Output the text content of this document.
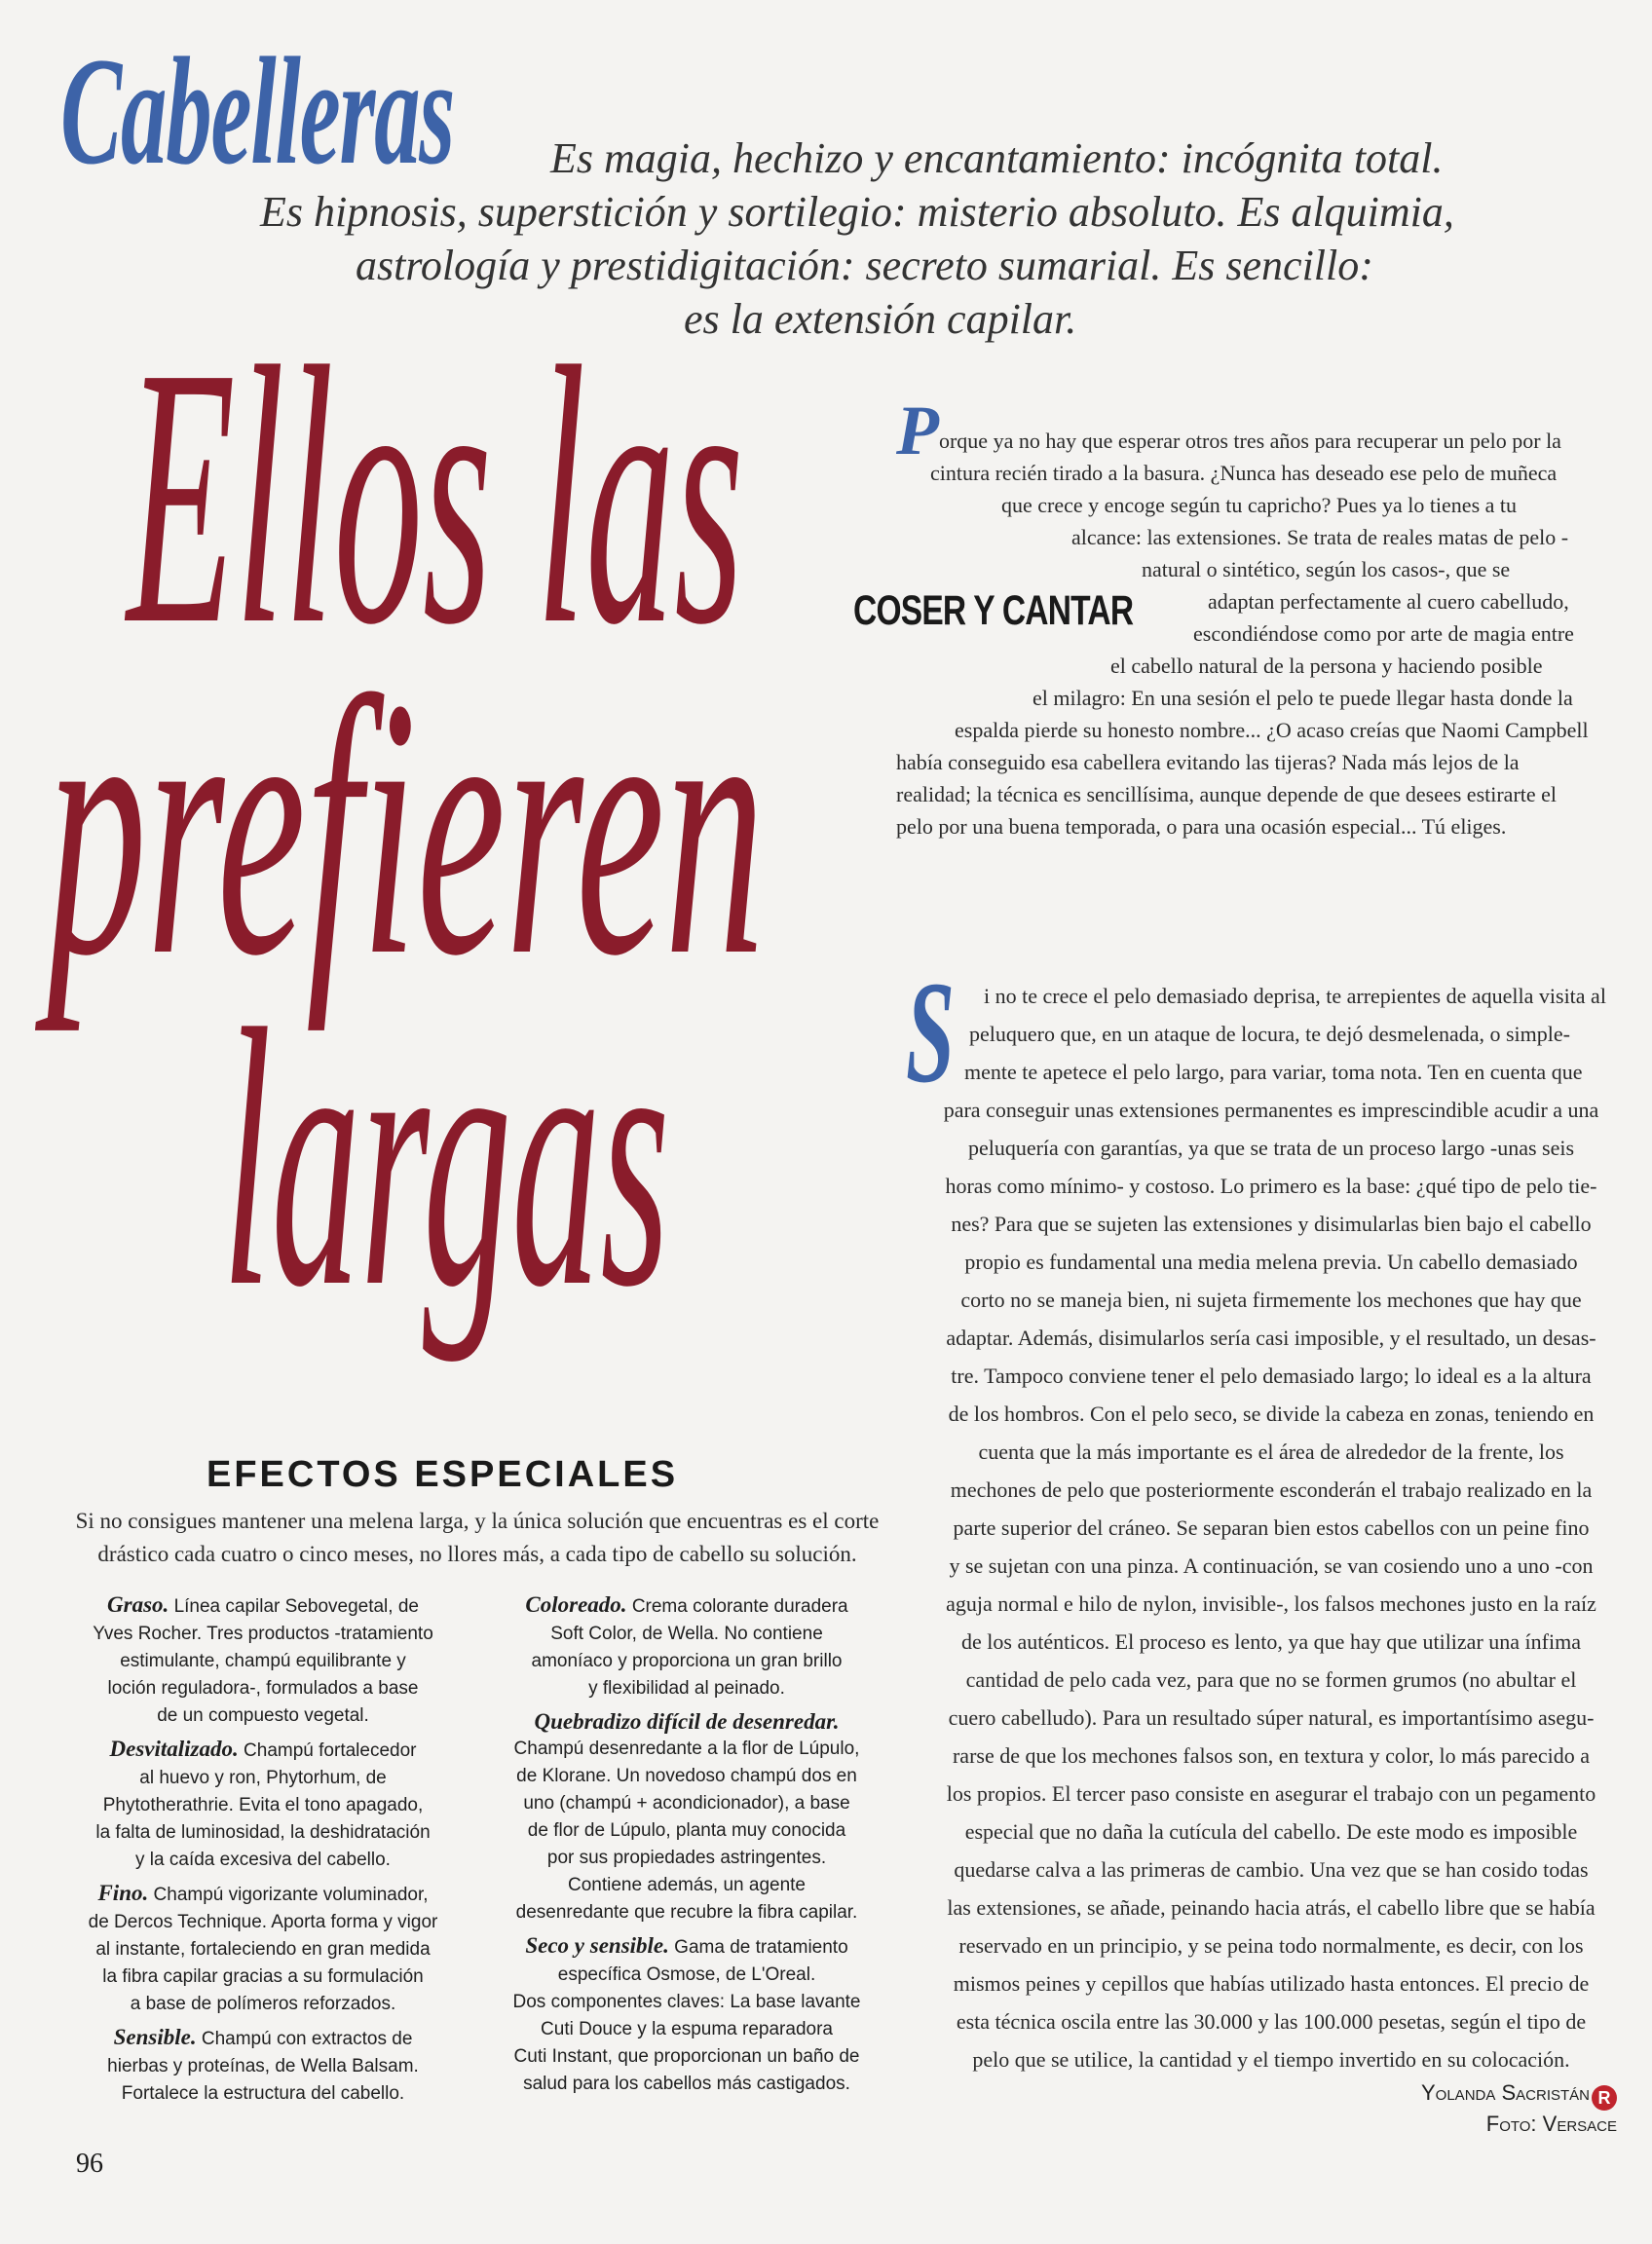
Cabelleras	Es magia, hechizo y encantamiento: incógnita total.
Es hipnosis, superstición y sortilegio: misterio absoluto. Es alquimia,
astrología y prestidigitación: secreto sumarial. Es sencillo:
es la extensión capilar.
Ellos las
prefieren
largas
Porque ya no hay que esperar otros tres años para recuperar un pelo por la
cintura recién tirado a la basura. ¿Nunca has deseado ese pelo de muñeca
que crece y encoge según tu capricho? Pues ya lo tienes a tu
alcance: las extensiones. Se trata de reales matas de pelo -
natural o sintético, según los casos-, que se
adaptan perfectamente al cuero cabelludo,
escondiéndose como por arte de magia entre
el cabello natural de la persona y haciendo posible
el milagro: En una sesión el pelo te puede llegar hasta donde la
espalda pierde su honesto nombre... ¿O acaso creías que Naomi Campbell
había conseguido esa cabellera evitando las tijeras? Nada más lejos de la
realidad; la técnica es sencillísima, aunque depende de que desees estirarte el
pelo por una buena temporada, o para una ocasión especial... Tú eliges.
COSER Y CANTAR
S	i no te crece el pelo demasiado deprisa, te arrepientes de aquella visita al
peluquero que, en un ataque de locura, te dejó desmelenada, o simple-
mente te apetece el pelo largo, para variar, toma nota. Ten en cuenta que
para conseguir unas extensiones permanentes es imprescindible acudir a una
peluquería con garantías, ya que se trata de un proceso largo -unas seis
horas como mínimo- y costoso. Lo primero es la base: ¿qué tipo de pelo tie-
nes? Para que se sujeten las extensiones y disimularlas bien bajo el cabello
propio es fundamental una media melena previa. Un cabello demasiado
corto no se maneja bien, ni sujeta firmemente los mechones que hay que
adaptar. Además, disimularlos sería casi imposible, y el resultado, un desas-
tre. Tampoco conviene tener el pelo demasiado largo; lo ideal es a la altura
de los hombros. Con el pelo seco, se divide la cabeza en zonas, teniendo en
cuenta que la más importante es el área de alrededor de la frente, los
mechones de pelo que posteriormente esconderán el trabajo realizado en la
parte superior del cráneo. Se separan bien estos cabellos con un peine fino
y se sujetan con una pinza. A continuación, se van cosiendo uno a uno -con
aguja normal e hilo de nylon, invisible-, los falsos mechones justo en la raíz
de los auténticos. El proceso es lento, ya que hay que utilizar una ínfima
cantidad de pelo cada vez, para que no se formen grumos (no abultar el
cuero cabelludo). Para un resultado súper natural, es importantísimo asegu-
rarse de que los mechones falsos son, en textura y color, lo más parecido a
los propios. El tercer paso consiste en asegurar el trabajo con un pegamento
especial que no daña la cutícula del cabello. De este modo es imposible
quedarse calva a las primeras de cambio. Una vez que se han cosido todas
las extensiones, se añade, peinando hacia atrás, el cabello libre que se había
reservado en un principio, y se peina todo normalmente, es decir, con los
mismos peines y cepillos que habías utilizado hasta entonces. El precio de
esta técnica oscila entre las 30.000 y las 100.000 pesetas, según el tipo de
pelo que se utilice, la cantidad y el tiempo invertido en su colocación.
Yolanda Sacristán R
Foto: Versace
EFECTOS ESPECIALES
Si no consigues mantener una melena larga, y la única solución que encuentras es el corte drástico cada cuatro o cinco meses, no llores más, a cada tipo de cabello su solución.
Graso. Línea capilar Sebovegetal, de
Yves Rocher. Tres productos -tratamiento
estimulante, champú equilibrante y
loción reguladora-, formulados a base
de un compuesto vegetal.
Desvitalizado. Champú fortalecedor
al huevo y ron, Phytorhum, de
Phytotherathrie. Evita el tono apagado,
la falta de luminosidad, la deshidratación
y la caída excesiva del cabello.
Fino. Champú vigorizante voluminador,
de Dercos Technique. Aporta forma y vigor
al instante, fortaleciendo en gran medida
la fibra capilar gracias a su formulación
a base de polímeros reforzados.
Sensible. Champú con extractos de
hierbas y proteínas, de Wella Balsam.
Fortalece la estructura del cabello.
Coloreado. Crema colorante duradera
Soft Color, de Wella. No contiene
amoníaco y proporciona un gran brillo
y flexibilidad al peinado.
Quebradizo difícil de desenredar.
Champú desenredante a la flor de Lúpulo,
de Klorane. Un novedoso champú dos en
uno (champú + acondicionador), a base
de flor de Lúpulo, planta muy conocida
por sus propiedades astringentes.
Contiene además, un agente
desenredante que recubre la fibra capilar.
Seco y sensible. Gama de tratamiento
específica Osmose, de L'Oreal.
Dos componentes claves: La base lavante
Cuti Douce y la espuma reparadora
Cuti Instant, que proporcionan un baño de
salud para los cabellos más castigados.
96
